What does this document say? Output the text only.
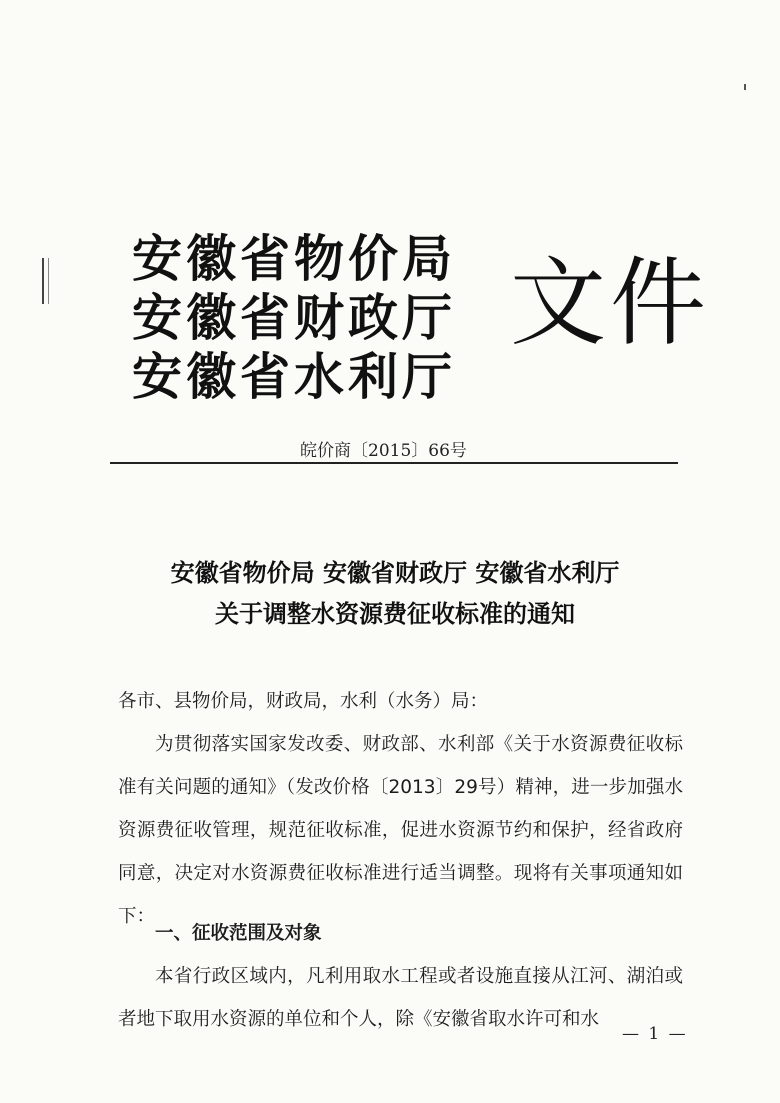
安徽省物价局
安徽省财政厅
安徽省水利厅
文件
皖价商〔2015〕66号
安徽省物价局 安徽省财政厅 安徽省水利厅
关于调整水资源费征收标准的通知
各市、县物价局，财政局，水利（水务）局：
为贯彻落实国家发改委、财政部、水利部《关于水资源费征收标准有关问题的通知》（发改价格〔2013〕29号）精神，进一步加强水资源费征收管理，规范征收标准，促进水资源节约和保护，经省政府同意，决定对水资源费征收标准进行适当调整。现将有关事项通知如下：
一、征收范围及对象
本省行政区域内，凡利用取水工程或者设施直接从江河、湖泊或者地下取用水资源的单位和个人，除《安徽省取水许可和水
— 1 —
